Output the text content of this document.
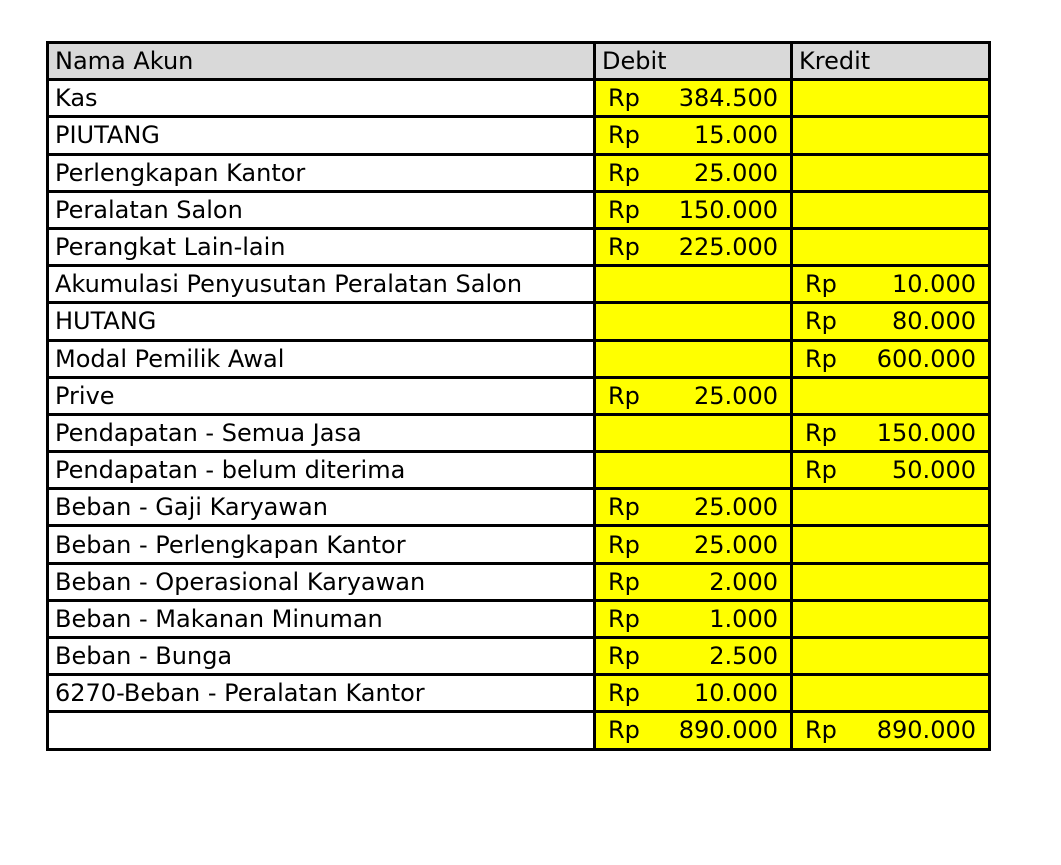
Nama Akun	Debit	Kredit
Kas	Rp 384.500	

PIUTANG	Rp 15.000	

Perlengkapan Kantor	Rp 25.000	

Peralatan Salon	Rp 150.000	

Perangkat Lain-lain	Rp 225.000	

Akumulasi Penyusutan Peralatan Salon		Rp 10.000

HUTANG		Rp 80.000

Modal Pemilik Awal		Rp 600.000

Prive	Rp 25.000	

Pendapatan - Semua Jasa		Rp 150.000

Pendapatan - belum diterima		Rp 50.000

Beban - Gaji Karyawan	Rp 25.000	

Beban - Perlengkapan Kantor	Rp 25.000	

Beban - Operasional Karyawan	Rp 2.000	

Beban - Makanan Minuman	Rp 1.000	

Beban - Bunga	Rp 2.500	

6270-Beban - Peralatan Kantor	Rp 10.000	

	Rp 890.000	Rp 890.000
